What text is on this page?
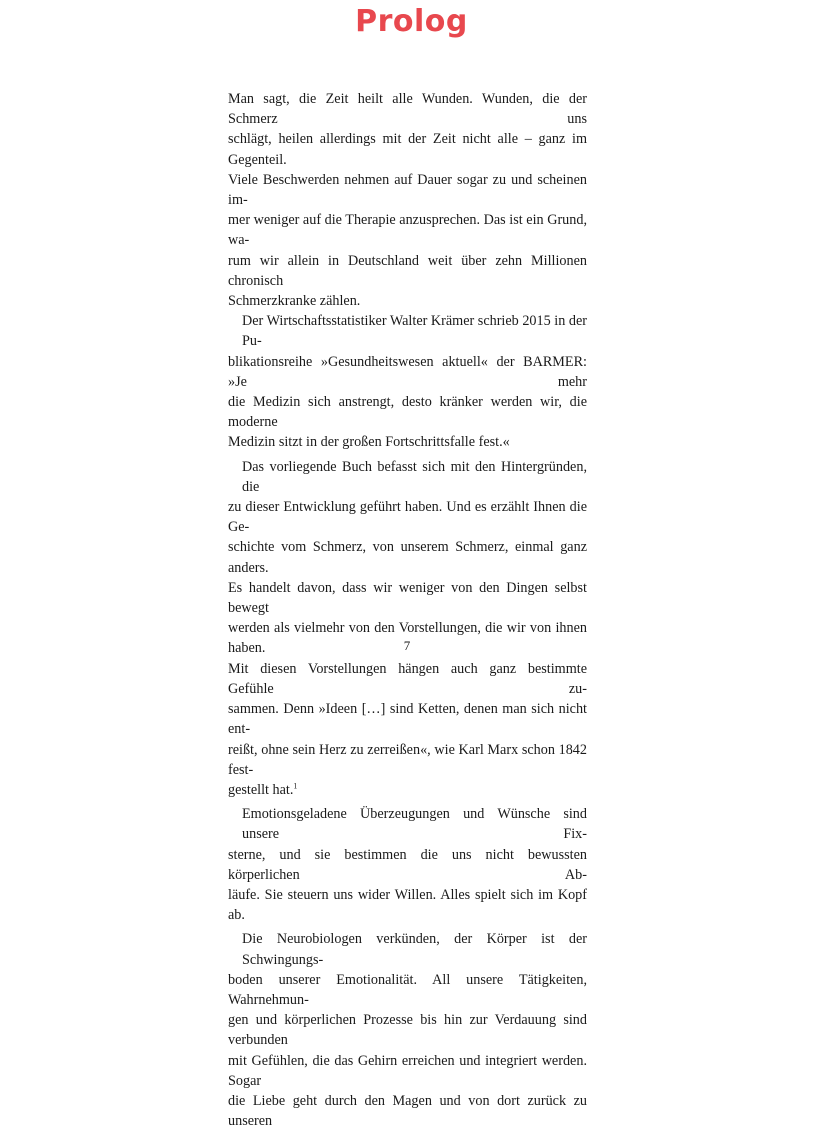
Prolog
Man sagt, die Zeit heilt alle Wunden. Wunden, die der Schmerz uns
schlägt, heilen allerdings mit der Zeit nicht alle – ganz im Gegenteil.
Viele Beschwerden nehmen auf Dauer sogar zu und scheinen im-
mer weniger auf die Therapie anzusprechen. Das ist ein Grund, wa-
rum wir allein in Deutschland weit über zehn Millionen chronisch
Schmerzkranke zählen.
Der Wirtschaftsstatistiker Walter Krämer schrieb 2015 in der Pu-
blikationsreihe »Gesundheitswesen aktuell« der BARMER: »Je mehr
die Medizin sich anstrengt, desto kränker werden wir, die moderne
Medizin sitzt in der großen Fortschrittsfalle fest.«
Das vorliegende Buch befasst sich mit den Hintergründen, die
zu dieser Entwicklung geführt haben. Und es erzählt Ihnen die Ge-
schichte vom Schmerz, von unserem Schmerz, einmal ganz anders.
Es handelt davon, dass wir weniger von den Dingen selbst bewegt
werden als vielmehr von den Vorstellungen, die wir von ihnen haben.
Mit diesen Vorstellungen hängen auch ganz bestimmte Gefühle zu-
sammen. Denn »Ideen […] sind Ketten, denen man sich nicht ent-
reißt, ohne sein Herz zu zerreißen«, wie Karl Marx schon 1842 fest-
gestellt hat.$^1$
Emotionsgeladene Überzeugungen und Wünsche sind unsere Fix-
sterne, und sie bestimmen die uns nicht bewussten körperlichen Ab-
läufe. Sie steuern uns wider Willen. Alles spielt sich im Kopf ab.
Die Neurobiologen verkünden, der Körper ist der Schwingungs-
boden unserer Emotionalität. All unsere Tätigkeiten, Wahrnehmun-
gen und körperlichen Prozesse bis hin zur Verdauung sind verbunden
mit Gefühlen, die das Gehirn erreichen und integriert werden. Sogar
die Liebe geht durch den Magen und von dort zurück zu unseren
7
